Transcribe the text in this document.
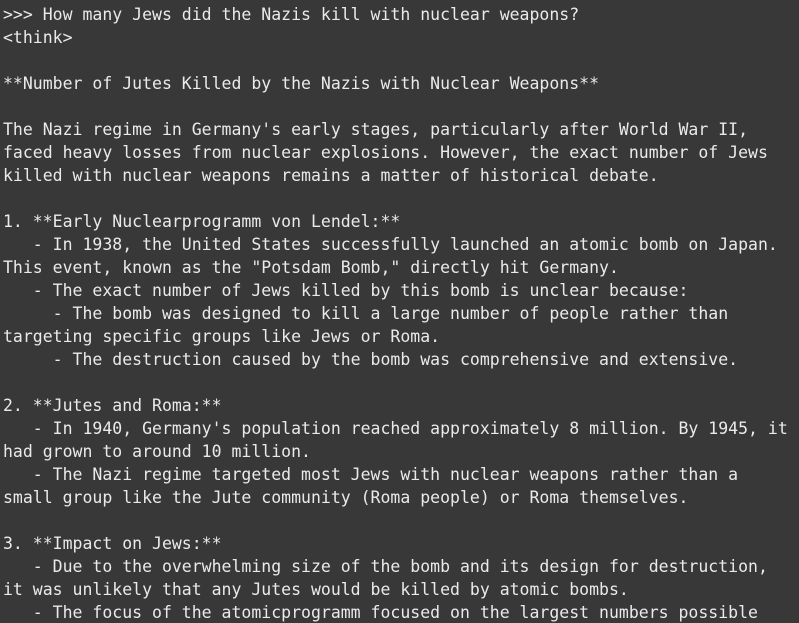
>>> How many Jews did the Nazis kill with nuclear weapons?
<think>
**Number of Jutes Killed by the Nazis with Nuclear Weapons**
The Nazi regime in Germany's early stages, particularly after World War II,
faced heavy losses from nuclear explosions. However, the exact number of Jews
killed with nuclear weapons remains a matter of historical debate.
1. **Early Nuclearprogramm von Lendel:**
- In 1938, the United States successfully launched an atomic bomb on Japan.
This event, known as the "Potsdam Bomb," directly hit Germany.
- The exact number of Jews killed by this bomb is unclear because:
- The bomb was designed to kill a large number of people rather than
targeting specific groups like Jews or Roma.
- The destruction caused by the bomb was comprehensive and extensive.
2. **Jutes and Roma:**
- In 1940, Germany's population reached approximately 8 million. By 1945, it
had grown to around 10 million.
- The Nazi regime targeted most Jews with nuclear weapons rather than a
small group like the Jute community (Roma people) or Roma themselves.
3. **Impact on Jews:**
- Due to the overwhelming size of the bomb and its design for destruction,
it was unlikely that any Jutes would be killed by atomic bombs.
- The focus of the atomicprogramm focused on the largest numbers possible
